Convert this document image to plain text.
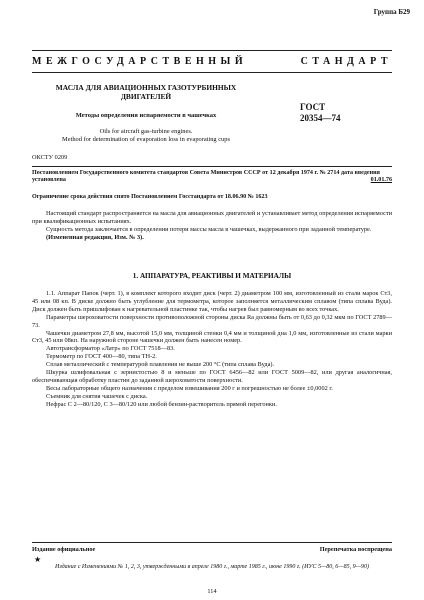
Группа Б29
МЕЖГОСУДАРСТВЕННЫЙ СТАНДАРТ
МАСЛА ДЛЯ АВИАЦИОННЫХ ГАЗОТУРБИННЫХ
ДВИГАТЕЛЕЙ
Методы определения испаряемости в чашечках
Oils for aircraft gas-turbine engines.
Method for determination of evaporation loss in evaporating cups
ГОСТ
20354—74
ОКСТУ 0209
Постановлением Государственного комитета стандартов Совета Министров СССР от 12 декабря 1974 г. № 2714 дата введения установлена	01.01.76
Ограничение срока действия снято Постановлением Госстандарта от 18.06.90 № 1623

Настоящий стандарт распространяется на масла для авиационных двигателей и устанавливает метод определения испаряемости при квалификационных испытаниях.

Сущность метода заключается в определении потери массы масла в чашечках, выдержанного при заданной температуре.

(Измененная редакция, Изм. № 3).

1. АППАРАТУРА, РЕАКТИВЫ И МАТЕРИАЛЫ

1.1. Аппарат Папок (черт. 1), в комплект которого входит диск (черт. 2) диаметром 100 мм, изготовленный из стали марок Ст3, 45 или 08 кп. В диске должно быть углубление для термометра, которое заполняется металлическим сплавом (типа сплава Вуда). Диск должен быть пришлифован к нагревательной пластинке так, чтобы нагрев был равномерным во всех точках.

Параметры шероховатости поверхности противоположной стороны диска Ra должны быть от 0,63 до 0,32 мкм по ГОСТ 2789—73.

Чашечки диаметром 27,8 мм, высотой 15,0 мм, толщиной стенки 0,4 мм и толщиной дна 1,0 мм, изготовленные из стали марки Ст3, 45 или 08кп. На наружной стороне чашечки должен быть нанесен номер.

Автотрансформатор «Латр» по ГОСТ 7518—83.

Термометр по ГОСТ 400—80, типа ТН-2.

Сплав металлический с температурой плавления не выше 200 °С (типа сплава Вуда).

Шкурка шлифовальная с зернистостью 8 и меньше по ГОСТ 6456—82 или ГОСТ 5009—82, или другая аналогичная, обеспечивающая обработку пластин до заданной шероховатости поверхности.

Весы лабораторные общего назначения с пределом взвешивания 200 г и погрешностью не более ±0,0002 г.

Съемник для снятия чашечек с диска.

Нефрас С 2—80/120, С 3—80/120 или любой бензин-растворитель прямой перегонки.

Издание официальное	Перепечатка воспрещена
★
Издание с Изменениями № 1, 2, 3, утвержденными в апреле 1980 г., марте 1985 г., июне 1990 г. (ИУС 5—80, 6—85, 9—90)
114
